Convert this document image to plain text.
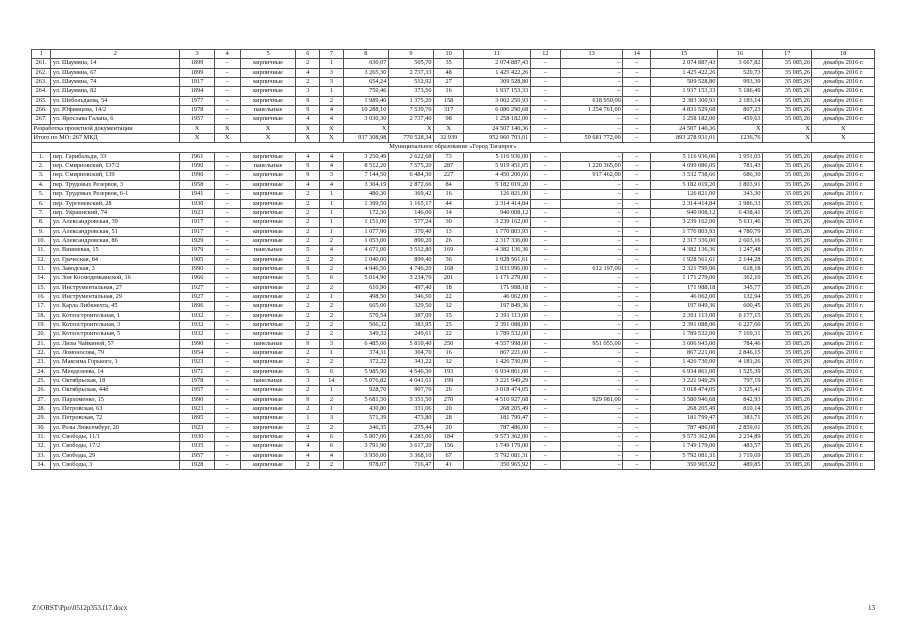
1	2	3	4	5	6	7	8	9	10	11	12	13	14	15	16	17	18
261.	ул. Шаумяна, 14	1899	–	кирпичные	2	1	630,07	505,70	35	2 074 887,43	–	–	–	2 074 887,43	3 667,82	35 085,26	декабрь 2016 г.
262.	ул. Шаумяна, 67	1899	–	кирпичные	4	3	3 265,30	2 737,33	48	1 425 422,26	–	–	–	1 425 422,26	520,73	35 085,26	декабрь 2016 г.
263.	ул. Шаумяна, 74	1917	–	кирпичные	2	3	654,24	512,92	27	309 528,80	–	–	–	509 528,80	993,39	35 085,26	декабрь 2016 г.
264.	ул. Шаумяна, 82	1894	–	кирпичные	3	1	759,46	373,50	16	1 937 153,33	–	–	–	1 937 153,33	5 186,49	35 085,26	декабрь 2016 г.
265.	ул. Шебольдаева, 54	1977	–	кирпичные	9	2	1 989,40	1 375,20	158	3 002 250,93	–	618 950,00	–	2 383 300,93	2 183,14	35 085,26	декабрь 2016 г.
266.	ул. Юфимцева, 14/2	1978	–	панельные	9	4	10 288,10	7 539,70	317	6 086 290,68	–	1 254 761,00	–	4 831 529,68	807,23	35 085,26	декабрь 2016 г.
267.	ул. Ярослава Галана, 6	1957	–	кирпичные	4	4	3 030,30	2 737,40	98	1 258 182,00	–	–	–	1 258 182,00	459,63	35 085,26	декабрь 2016 г.
Разработка проектной документации		X	X	X	X	X	X	X	X	24 507 140,36	–	–	–	24 507 140,36	X	X	X
Итого по МО: 267 МКД		X	X	X	X	X	937 308,98	770 528,34	32 939	952 960 703,01	–	59 681 772,00	–	893 278 931,01	1236,76	X	X
Муниципальное образование «Город Таганрог»																	
1.	пер. Гарибальди, 33	1961	–	кирпичные	4	4	3 250,49	2 622,68	73	5 116 936,00	–	–	–	5 116 936,00	1 951,03	35 085,26	декабрь 2016 г.
2.	пер. Смирновский, 137/2	1990	–	панельные	9	4	8 512,20	7 575,20	287	5 919 451,05	–	1 220 365,00	–	4 699 086,05	781,43	35 085,26	декабрь 2016 г.
3.	пер. Смирновский, 139	1990	–	кирпичные	9	3	7 144,50	6 484,30	227	4 450 200,66	–	917 462,00	–	3 532 738,66	686,30	35 085,26	декабрь 2016 г.
4.	пер. Трудовых Резервов, 3	1958	–	кирпичные	4	4	3 304,19	2 872,66	84	5 182 019,20	–	–	–	5 182 019,20	1 803,91	35 085,26	декабрь 2016 г.
5.	пер. Трудовых Резервов, 6-1	1941	–	кирпичные	2	1	480,30	369,42	16	126 821,00	–	–	–	126 821,00	343,30	35 085,26	декабрь 2016 г.
6.	пер. Тургеневский, 28	1930	–	кирпичные	2	1	1 399,50	1 165,17	44	2 314 414,84	–	–	–	2 314 414,84	1 986,33	35 085,26	декабрь 2016 г.
7.	пер. Украинский, 74	1923	–	кирпичные	2	1	172,30	146,00	14	940 008,12	–	–	–	940 008,12	6 438,41	35 085,26	декабрь 2016 г.
8.	ул. Александровская, 39	1917	–	кирпичные	2	1	1 151,00	577,24	30	3 239 162,00	–	–	–	3 239 162,00	5 611,46	35 085,26	декабрь 2016 г.
9.	ул. Александровская, 51	1917	–	кирпичные	2	1	1 077,90	370,40	13	1 770 803,93	–	–	–	1 770 803,93	4 780,79	35 085,26	декабрь 2016 г.
10.	ул. Александровская, 86	1929	–	кирпичные	2	2	1 053,00	890,20	26	2 317 336,00	–	–	–	2 317 336,00	2 603,16	35 085,26	декабрь 2016 г.
11.	ул. Вишневая, 15	1979	–	панельные	5	4	4 671,00	3 512,80	169	4 382 136,36	–	–	–	4 382 136,36	1 247,48	35 085,26	декабрь 2016 г.
12.	ул. Греческая, 84	1905	–	кирпичные	2	2	1 040,00	899,40	36	1 928 561,61	–	–	–	1 928 561,61	2 144,28	35 085,26	декабрь 2016 г.
13.	ул. Заводская, 3	1990	–	кирпичные	9	2	4 946,50	4 746,20	168	2 933 996,00	–	612 197,00	–	2 321 799,00	618,18	35 085,26	декабрь 2016 г.
14.	ул. Зои Космодемьянской, 16	1966	–	кирпичные	5	6	5 014,90	3 234,70	201	1 171 279,00	–	–	–	1 171 279,00	362,10	35 085,26	декабрь 2016 г.
15.	ул. Инструментальная, 27	1927	–	кирпичные	2	2	610,90	497,40	18	171 988,18	–	–	–	171 988,18	345,77	35 085,26	декабрь 2016 г.
16.	ул. Инструментальная, 29	1927	–	кирпичные	2	1	498,50	346,50	22	46 062,00	–	–	–	46 062,00	132,94	35 085,26	декабрь 2016 г.
17.	ул. Карла Либкнехта, 45	1896	–	кирпичные	2	2	665,00	329,50	12	197 849,36	–	–	–	197 849,36	600,45	35 085,26	декабрь 2016 г.
18.	ул. Котлостроительная, 1	1932	–	кирпичные	2	2	570,54	387,09	15	2 391 113,00	–	–	–	2 391 113,00	6 177,15	35 085,26	декабрь 2016 г.
19.	ул. Котлостроительная, 3	1932	–	кирпичные	2	2	566,32	383,95	25	2 391 088,00	–	–	–	2 391 088,00	6 227,60	35 085,26	декабрь 2016 г.
20.	ул. Котлостроительная, 5	1932	–	кирпичные	2	2	349,32	249,61	22	1 789 532,00	–	–	–	1 789 532,00	7 169,31	35 085,26	декабрь 2016 г.
21.	ул. Лизы Чайкиной, 57	1990	–	панельные	9	3	6 485,60	5 810,40	250	4 557 998,00	–	951 055,00	–	3 606 943,00	784,46	35 085,26	декабрь 2016 г.
22.	ул. Ломоносова, 79	1954	–	кирпичные	2	1	374,31	304,70	16	867 221,00	–	–	–	867 221,00	2 846,15	35 085,26	декабрь 2016 г.
23.	ул. Максима Горького, 1	1923	–	кирпичные	2	2	372,22	341,22	12	1 426 730,00	–	–	–	1 426 730,00	4 181,26	35 085,26	декабрь 2016 г.
24.	ул. Менделеева, 14	1971	–	кирпичные	5	6	5 985,90	4 546,30	193	6 934 861,00	–	–	–	6 934 861,00	1 525,39	35 085,26	декабрь 2016 г.
25.	ул. Октябрьская, 18	1978	–	панельные	3	14	5 076,82	4 041,61	199	3 221 949,29	–	–	–	3 221 949,29	797,19	35 085,26	декабрь 2016 г.
26.	ул. Октябрьская, 44б	1957	–	кирпичные	2	1	928,70	907,70	26	3 018 474,05	–	–	–	3 018 474,05	3 325,41	35 085,26	декабрь 2016 г.
27.	ул. Пархоменко, 15	1990	–	кирпичные	9	2	5 681,50	5 351,50	270	4 510 927,68	–	929 981,00	–	3 580 946,68	842,93	35 085,26	декабрь 2016 г.
28.	ул. Петровская, 63	1923	–	кирпичные	2	1	430,80	331,06	20	268 205,49	–	–	–	268 205,49	810,14	35 085,26	декабрь 2016 г.
29.	ул. Петровская, 72	1895	–	кирпичные	1	3	571,39	473,80	28	181 799,47	–	–	–	181 799,47	383,71	35 085,26	декабрь 2016 г.
30.	ул. Розы Люксембург, 20	1923	–	кирпичные	2	2	346,35	275,44	20	787 486,00	–	–	–	787 486,00	2 859,01	35 085,26	декабрь 2016 г.
31.	ул. Свободы, 11/1	1930	–	кирпичные	4	6	5 807,00	4 283,00	184	9 573 362,00	–	–	–	9 573 362,00	2 234,89	35 085,26	декабрь 2016 г.
32.	ул. Свободы, 17/2	1935	–	кирпичные	4	6	3 791,90	3 617,20	156	1 749 179,00	–	–	–	1 749 179,00	483,57	35 085,26	декабрь 2016 г.
33.	ул. Свободы, 29	1957	–	кирпичные	4	4	3 950,00	3 368,10	67	5 792 081,31	–	–	–	5 792 081,31	1 719,69	35 085,26	декабрь 2016 г.
34.	ул. Свободы, 3	1928	–	кирпичные	2	2	978,07	716,47	41	350 965,92	–	–	–	350 965,92	489,85	35 085,26	декабрь 2016 г.
Z:\ORST\Ppo\0512p353.f17.docx	13
